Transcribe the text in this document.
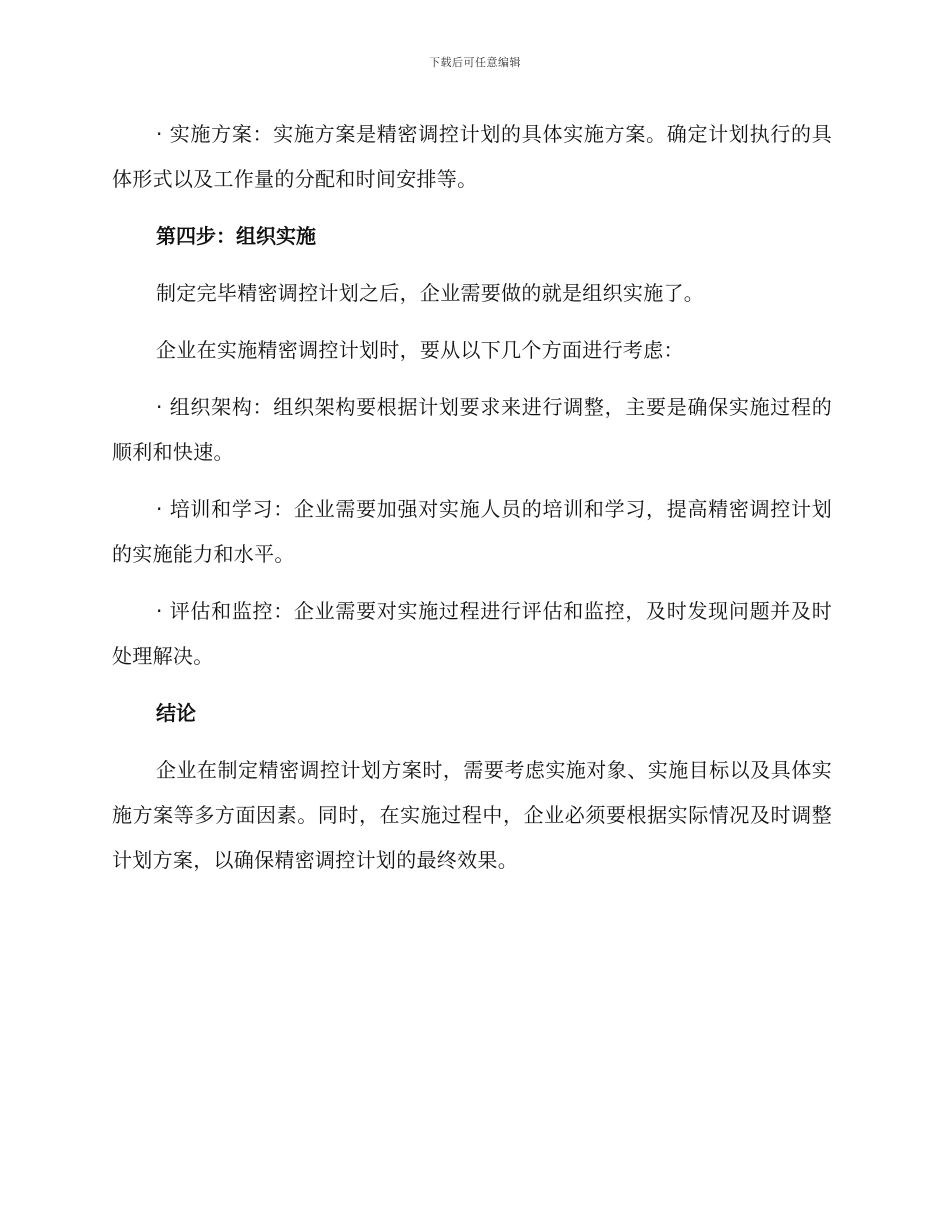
下载后可任意编辑

· 实施方案：实施方案是精密调控计划的具体实施方案。确定计划执行的具体形式以及工作量的分配和时间安排等。

第四步：组织实施

制定完毕精密调控计划之后，企业需要做的就是组织实施了。

企业在实施精密调控计划时，要从以下几个方面进行考虑：

· 组织架构：组织架构要根据计划要求来进行调整，主要是确保实施过程的顺利和快速。

· 培训和学习：企业需要加强对实施人员的培训和学习，提高精密调控计划的实施能力和水平。

· 评估和监控：企业需要对实施过程进行评估和监控，及时发现问题并及时处理解决。

结论

企业在制定精密调控计划方案时，需要考虑实施对象、实施目标以及具体实施方案等多方面因素。同时，在实施过程中，企业必须要根据实际情况及时调整计划方案，以确保精密调控计划的最终效果。
